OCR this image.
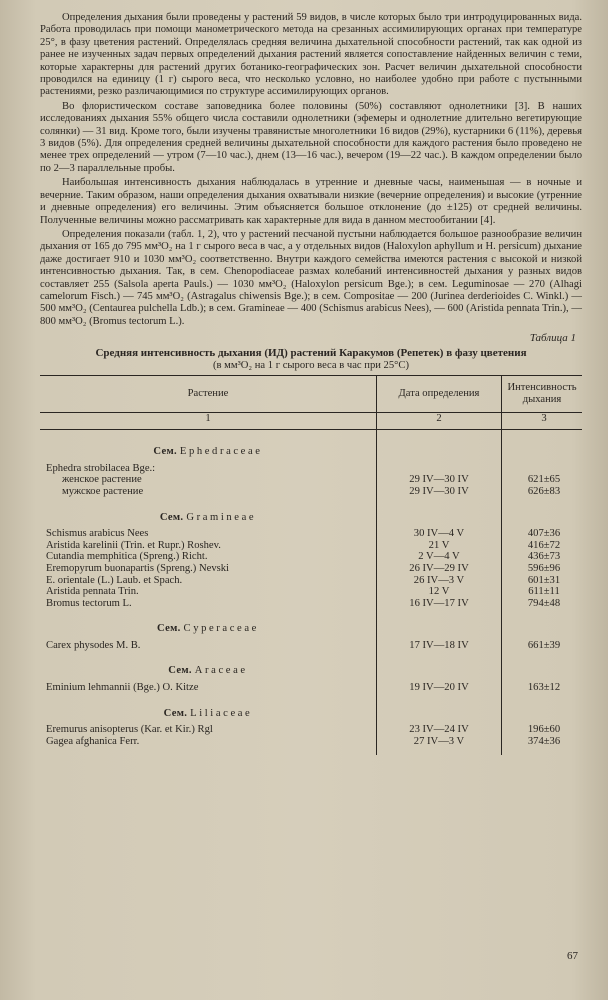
Определения дыхания были проведены у растений 59 видов, в числе которых было три интродуцированных вида. Работа проводилась при помощи манометрического метода на срезанных ассимилирующих органах при температуре 25°, в фазу цветения растений. Определялась средняя величина дыхательной способности растений, так как одной из ранее не изученных задач первых определений дыхания растений является сопоставление найденных величин с теми, которые характерны для растений других ботанико-географических зон. Расчет величин дыхательной способности проводился на единицу (1 г) сырого веса, что несколько условно, но наиболее удобно при работе с пустынными растениями, резко различающимися по структуре ассимилирующих органов.

Во флористическом составе заповедника более половины (50%) составляют однолетники [3]. В наших исследованиях дыхания 55% общего числа составили однолетники (эфемеры и однолетние длительно вегетирующие солянки) — 31 вид. Кроме того, были изучены травянистые многолетники 16 видов (29%), кустарники 6 (11%), деревья 3 видов (5%). Для определения средней величины дыхательной способности для каждого растения было проведено не менее трех определений — утром (7—10 час.), днем (13—16 час.), вечером (19—22 час.). В каждом определении было по 2—3 параллельные пробы.

Наибольшая интенсивность дыхания наблюдалась в утренние и дневные часы, наименьшая — в ночные и вечерние. Таким образом, наши определения дыхания охватывали низкие (вечерние определения) и высокие (утренние и дневные определения) его величины. Этим объясняется большое отклонение (до ±125) от средней величины. Полученные величины можно рассматривать как характерные для вида в данном местообитании [4].

Определения показали (табл. 1, 2), что у растений песчаной пустыни наблюдается большое разнообразие величин дыхания от 165 до 795 мм³O₂ на 1 г сырого веса в час, а у отдельных видов (Haloxylon aphyllum и H. persicum) дыхание даже достигает 910 и 1030 мм³O₂ соответственно. Внутри каждого семейства имеются растения с высокой и низкой интенсивностью дыхания. Так, в сем. Chenopodiaceae размах колебаний интенсивностей дыхания у разных видов составляет 255 (Salsola aperta Pauls.) — 1030 мм³O₂ (Haloxylon persicum Bge.); в сем. Leguminosae — 270 (Alhagi camelorum Fisch.) — 745 мм³O₂ (Astragalus chiwensis Bge.); в сем. Compositae — 200 (Jurinea derderioides C. Winkl.) — 500 мм³O₂ (Centaurea pulchella Ldb.); в сем. Gramineae — 400 (Schismus arabicus Nees), — 600 (Aristida pennata Trin.), — 800 мм³O₂ (Bromus tectorum L.).

Таблица 1

Средняя интенсивность дыхания (ИД) растений Каракумов (Репетек) в фазу цветения

(в мм³O₂ на 1 г сырого веса в час при 25°C)

Растение	Дата определения	Интенсивность дыхания
1	2	3

Сем. Ephedraceae		
Ephedra strobilacea Bge.:		
женское растение	29 IV—30 IV	621±65
мужское растение	29 IV—30 IV	626±83

Сем. Gramineae		
Schismus arabicus Nees	30 IV—4 V	407±36
Aristida karelinii (Trin. et Rupr.) Roshev.	21 V	416±72
Cutandia memphitica (Spreng.) Richt.	2 V—4 V	436±73
Eremopyrum buonapartis (Spreng.) Nevski	26 IV—29 IV	596±96
E. orientale (L.) Laub. et Spach.	26 IV—3 V	601±31
Aristida pennata Trin.	12 V	611±11
Bromus tectorum L.	16 IV—17 IV	794±48

Сем. Cyperaceae		
Carex physodes M. B.	17 IV—18 IV	661±39

Сем. Araceae		
Eminium lehmannii (Bge.) O. Kitze	19 IV—20 IV	163±12

Сем. Liliaceae		
Eremurus anisopterus (Kar. et Kir.) Rgl	23 IV—24 IV	196±60
Gagea afghanica Ferr.	27 IV—3 V	374±36

67
